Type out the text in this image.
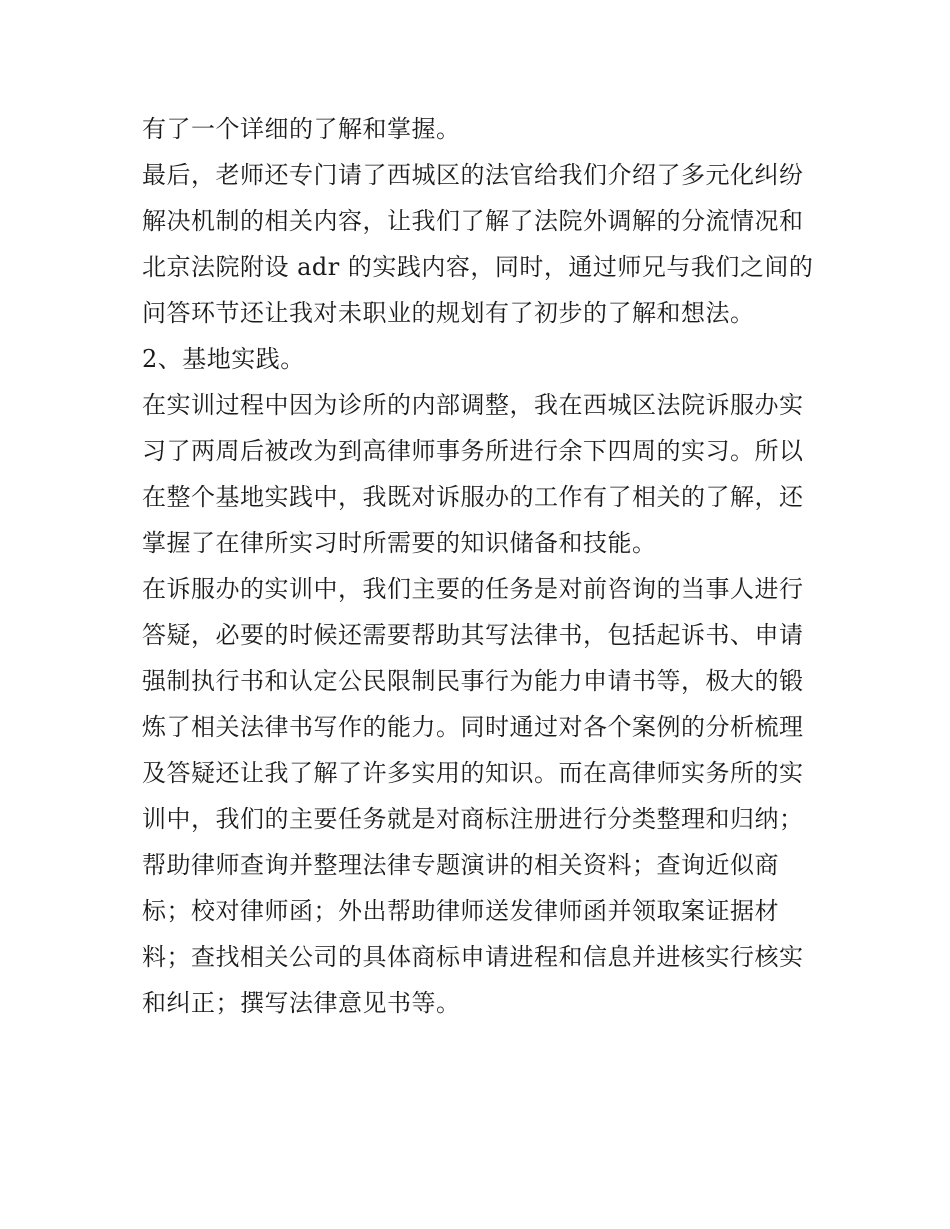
有了一个详细的了解和掌握。
最后，老师还专门请了西城区的法官给我们介绍了多元化纠纷
解决机制的相关内容，让我们了解了法院外调解的分流情况和
北京法院附设 adr 的实践内容，同时，通过师兄与我们之间的
问答环节还让我对未职业的规划有了初步的了解和想法。
2、基地实践。
在实训过程中因为诊所的内部调整，我在西城区法院诉服办实
习了两周后被改为到高律师事务所进行余下四周的实习。所以
在整个基地实践中，我既对诉服办的工作有了相关的了解，还
掌握了在律所实习时所需要的知识储备和技能。
在诉服办的实训中，我们主要的任务是对前咨询的当事人进行
答疑，必要的时候还需要帮助其写法律书，包括起诉书、申请
强制执行书和认定公民限制民事行为能力申请书等，极大的锻
炼了相关法律书写作的能力。同时通过对各个案例的分析梳理
及答疑还让我了解了许多实用的知识。而在高律师实务所的实
训中，我们的主要任务就是对商标注册进行分类整理和归纳；
帮助律师查询并整理法律专题演讲的相关资料；查询近似商
标；校对律师函；外出帮助律师送发律师函并领取案证据材
料；查找相关公司的具体商标申请进程和信息并进核实行核实
和纠正；撰写法律意见书等。
